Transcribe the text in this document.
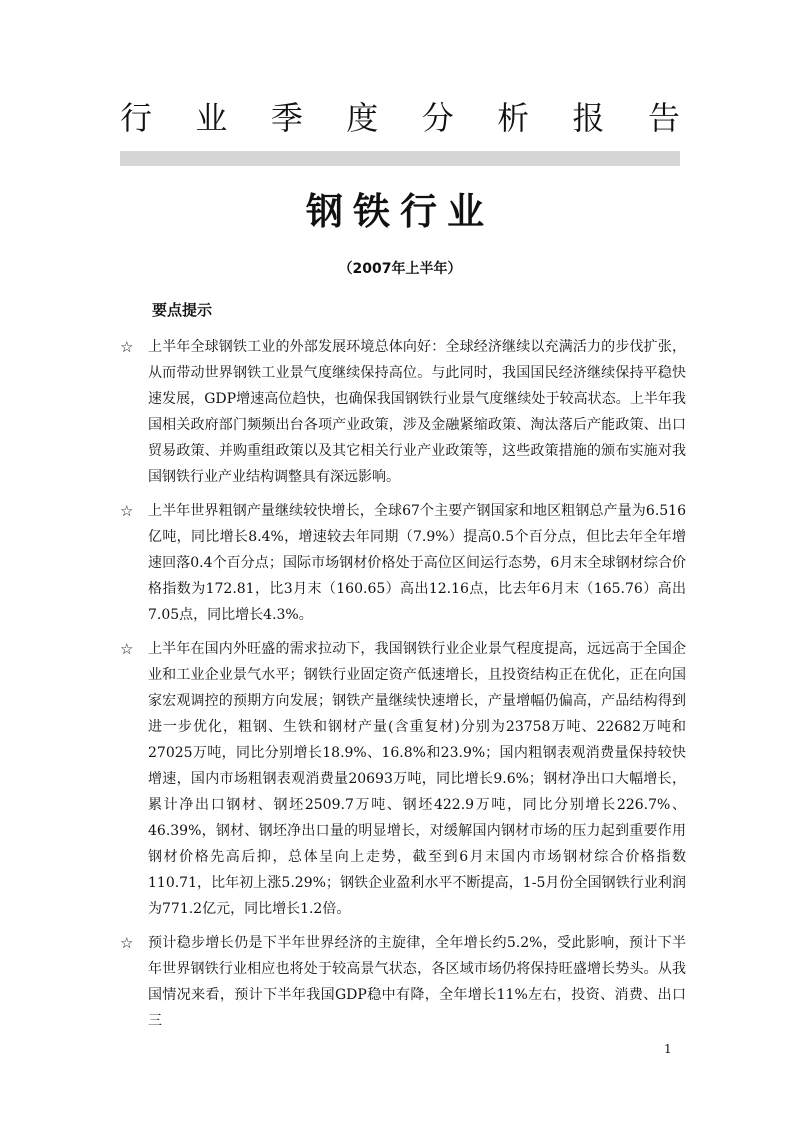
行 业 季 度 分 析 报 告
钢铁行业
（2007年上半年）
要点提示
☆ 上半年全球钢铁工业的外部发展环境总体向好：全球经济继续以充满活力的步伐扩张，从而带动世界钢铁工业景气度继续保持高位。与此同时，我国国民经济继续保持平稳快速发展，GDP增速高位趋快，也确保我国钢铁行业景气度继续处于较高状态。上半年我国相关政府部门频频出台各项产业政策，涉及金融紧缩政策、淘汰落后产能政策、出口贸易政策、并购重组政策以及其它相关行业产业政策等，这些政策措施的颁布实施对我国钢铁行业产业结构调整具有深远影响。
☆ 上半年世界粗钢产量继续较快增长，全球67个主要产钢国家和地区粗钢总产量为6.516亿吨，同比增长8.4%，增速较去年同期（7.9%）提高0.5个百分点，但比去年全年增速回落0.4个百分点；国际市场钢材价格处于高位区间运行态势，6月末全球钢材综合价格指数为172.81，比3月末（160.65）高出12.16点，比去年6月末（165.76）高出7.05点，同比增长4.3%。
☆ 上半年在国内外旺盛的需求拉动下，我国钢铁行业企业景气程度提高，远远高于全国企业和工业企业景气水平；钢铁行业固定资产低速增长，且投资结构正在优化，正在向国家宏观调控的预期方向发展；钢铁产量继续快速增长，产量增幅仍偏高，产品结构得到进一步优化，粗钢、生铁和钢材产量(含重复材)分别为23758万吨、22682万吨和27025万吨，同比分别增长18.9%、16.8%和23.9%；国内粗钢表观消费量保持较快增速，国内市场粗钢表观消费量20693万吨，同比增长9.6%；钢材净出口大幅增长，累计净出口钢材、钢坯2509.7万吨、钢坯422.9万吨，同比分别增长226.7%、46.39%，钢材、钢坯净出口量的明显增长，对缓解国内钢材市场的压力起到重要作用 钢材价格先高后抑，总体呈向上走势，截至到6月末国内市场钢材综合价格指数110.71，比年初上涨5.29%；钢铁企业盈利水平不断提高，1-5月份全国钢铁行业利润为771.2亿元，同比增长1.2倍。
☆ 预计稳步增长仍是下半年世界经济的主旋律，全年增长约5.2%，受此影响，预计下半年世界钢铁行业相应也将处于较高景气状态，各区域市场仍将保持旺盛增长势头。从我国情况来看，预计下半年我国GDP稳中有降，全年增长11%左右，投资、消费、出口三
1
